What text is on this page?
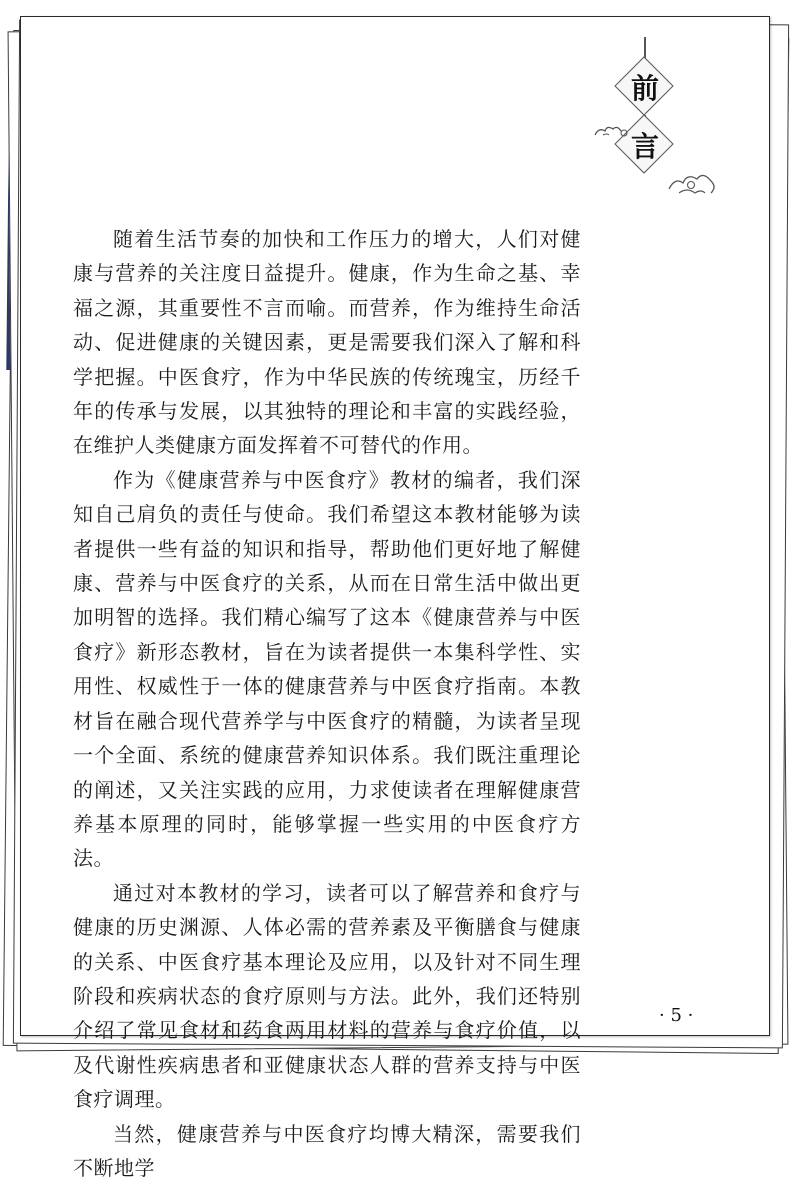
前
言

随着生活节奏的加快和工作压力的增大，人们对健康与营养的关注度日益提升。健康，作为生命之基、幸福之源，其重要性不言而喻。而营养，作为维持生命活动、促进健康的关键因素，更是需要我们深入了解和科学把握。中医食疗，作为中华民族的传统瑰宝，历经千年的传承与发展，以其独特的理论和丰富的实践经验，在维护人类健康方面发挥着不可替代的作用。

作为《健康营养与中医食疗》教材的编者，我们深知自己肩负的责任与使命。我们希望这本教材能够为读者提供一些有益的知识和指导，帮助他们更好地了解健康、营养与中医食疗的关系，从而在日常生活中做出更加明智的选择。我们精心编写了这本《健康营养与中医食疗》新形态教材，旨在为读者提供一本集科学性、实用性、权威性于一体的健康营养与中医食疗指南。本教材旨在融合现代营养学与中医食疗的精髓，为读者呈现一个全面、系统的健康营养知识体系。我们既注重理论的阐述，又关注实践的应用，力求使读者在理解健康营养基本原理的同时，能够掌握一些实用的中医食疗方法。

通过对本教材的学习，读者可以了解营养和食疗与健康的历史渊源、人体必需的营养素及平衡膳食与健康的关系、中医食疗基本理论及应用，以及针对不同生理阶段和疾病状态的食疗原则与方法。此外，我们还特别介绍了常见食材和药食两用材料的营养与食疗价值，以及代谢性疾病患者和亚健康状态人群的营养支持与中医食疗调理。

当然，健康营养与中医食疗均博大精深，需要我们不断地学

· 5 ·
